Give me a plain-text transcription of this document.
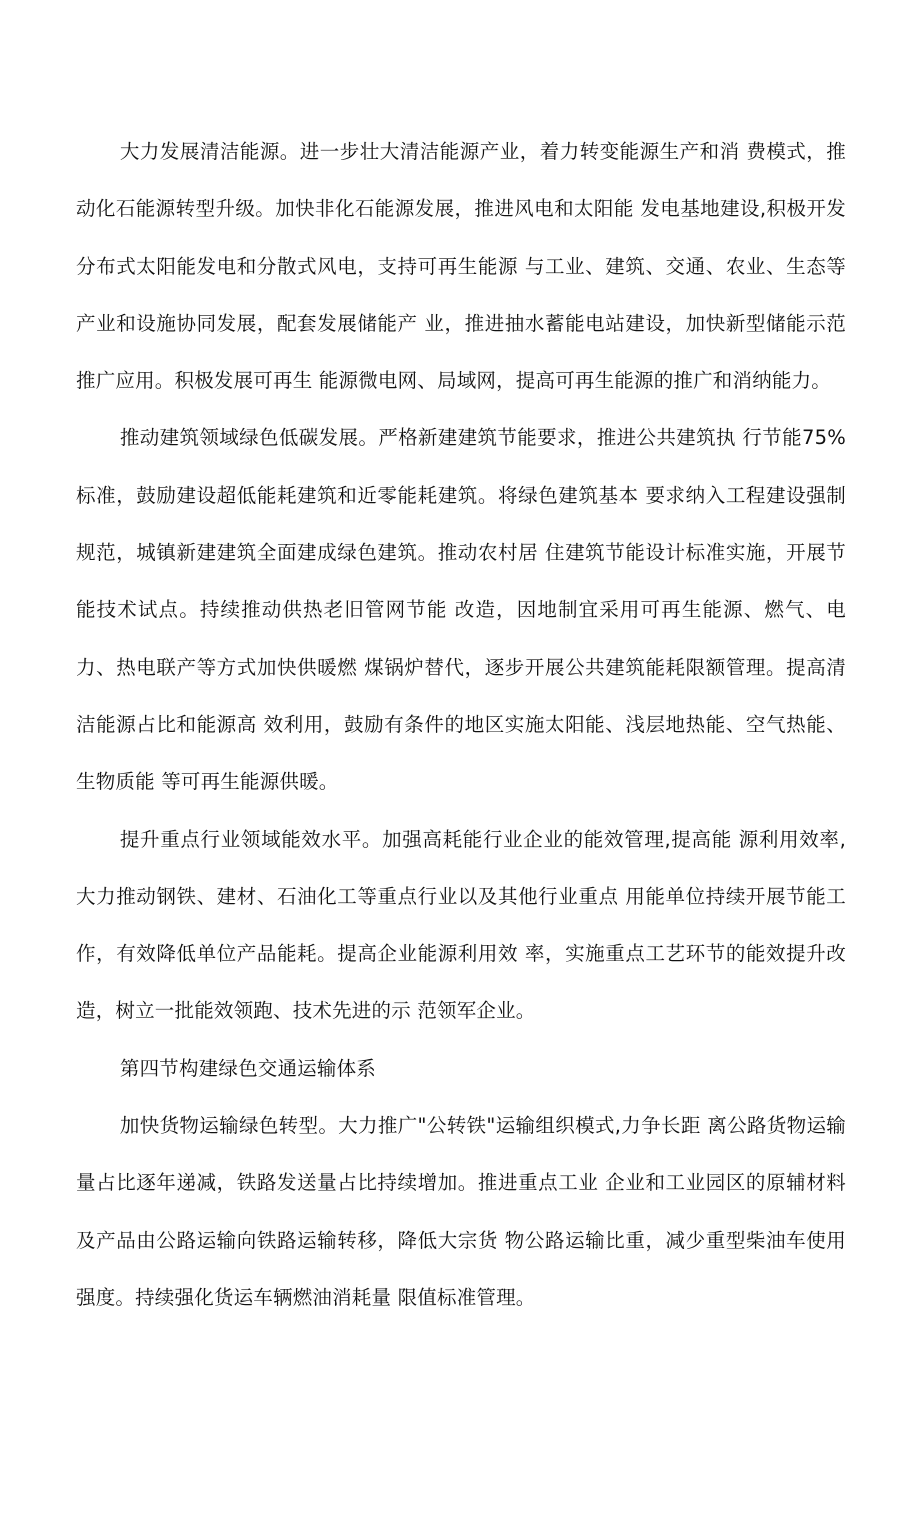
大力发展清洁能源。进一步壮大清洁能源产业，着力转变能源生产和消 费模式，推动化石能源转型升级。加快非化石能源发展，推进风电和太阳能 发电基地建设,积极开发分布式太阳能发电和分散式风电，支持可再生能源 与工业、建筑、交通、农业、生态等产业和设施协同发展，配套发展储能产 业，推进抽水蓄能电站建设，加快新型储能示范推广应用。积极发展可再生 能源微电网、局域网，提高可再生能源的推广和消纳能力。

推动建筑领域绿色低碳发展。严格新建建筑节能要求，推进公共建筑执 行节能75%标准，鼓励建设超低能耗建筑和近零能耗建筑。将绿色建筑基本 要求纳入工程建设强制规范，城镇新建建筑全面建成绿色建筑。推动农村居 住建筑节能设计标准实施，开展节能技术试点。持续推动供热老旧管网节能 改造，因地制宜采用可再生能源、燃气、电力、热电联产等方式加快供暖燃 煤锅炉替代，逐步开展公共建筑能耗限额管理。提高清洁能源占比和能源高 效利用，鼓励有条件的地区实施太阳能、浅层地热能、空气热能、生物质能 等可再生能源供暖。

提升重点行业领域能效水平。加强高耗能行业企业的能效管理,提高能 源利用效率,大力推动钢铁、建材、石油化工等重点行业以及其他行业重点 用能单位持续开展节能工作，有效降低单位产品能耗。提高企业能源利用效 率，实施重点工艺环节的能效提升改造，树立一批能效领跑、技术先进的示 范领军企业。

第四节构建绿色交通运输体系

加快货物运输绿色转型。大力推广"公转铁"运输组织模式,力争长距 离公路货物运输量占比逐年递减，铁路发送量占比持续增加。推进重点工业 企业和工业园区的原辅材料及产品由公路运输向铁路运输转移，降低大宗货 物公路运输比重，减少重型柴油车使用强度。持续强化货运车辆燃油消耗量 限值标准管理。
